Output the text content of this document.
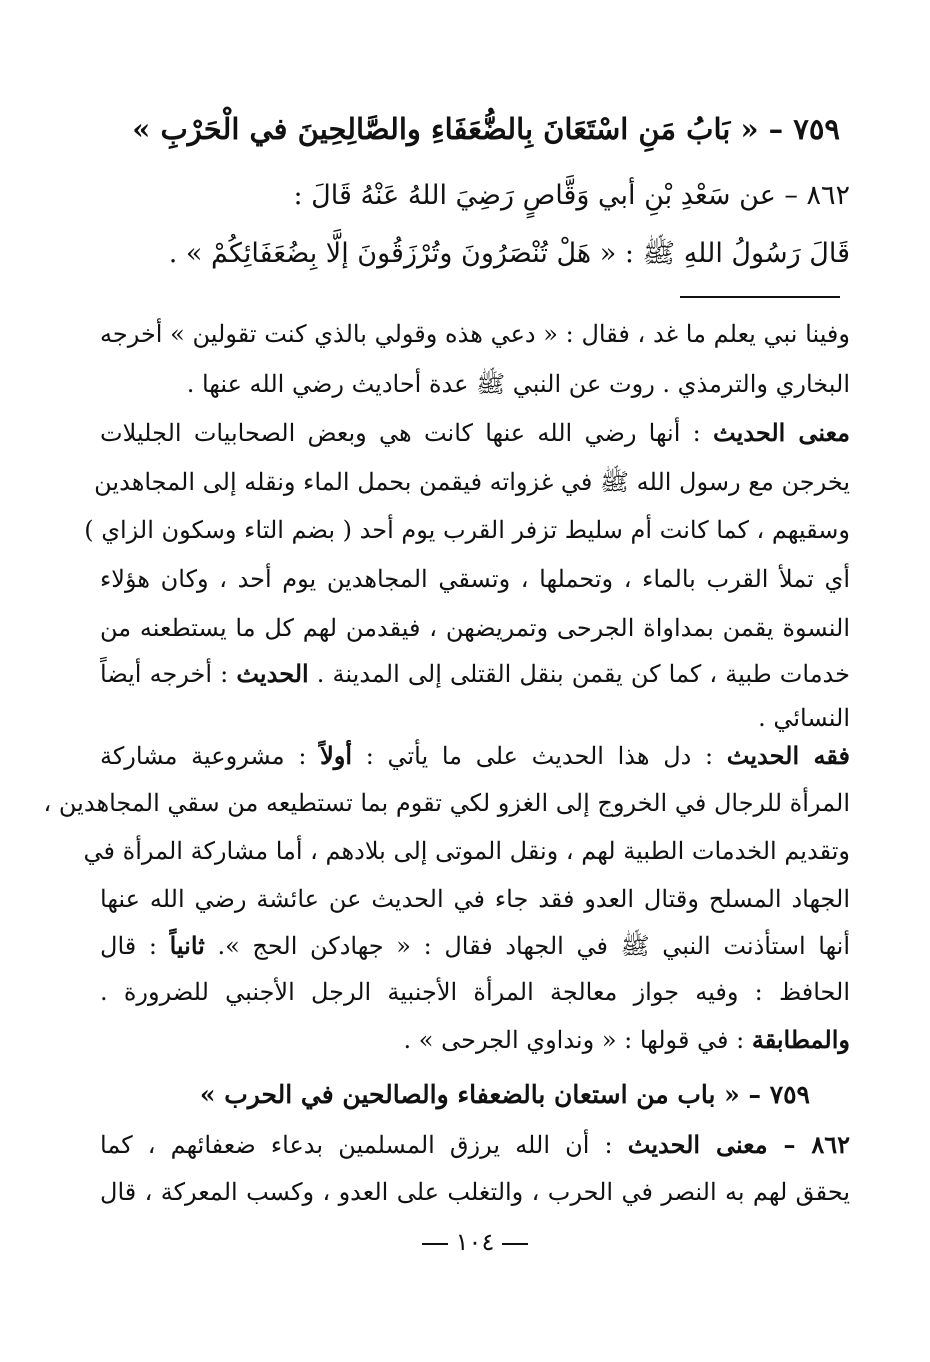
٧٥٩ – « بَابُ مَنِ اسْتَعَانَ بِالضُّعَفَاءِ والصَّالِحِينَ في الْحَرْبِ »
٨٦٢ – عن سَعْدِ بْنِ أبي وَقَّاصٍ رَضِيَ اللهُ عَنْهُ قَالَ :
قَالَ رَسُولُ اللهِ ﷺ : « هَلْ تُنْصَرُونَ وتُرْزَقُونَ إلَّا بِضُعَفَائِكُمْ » .
وفينا نبي يعلم ما غد ، فقال : « دعي هذه وقولي بالذي كنت تقولين » أخرجه
البخاري والترمذي . روت عن النبي ﷺ عدة أحاديث رضي الله عنها .
معنى الحديث : أنها رضي الله عنها كانت هي وبعض الصحابيات الجليلات
يخرجن مع رسول الله ﷺ في غزواته فيقمن بحمل الماء ونقله إلى المجاهدين
وسقيهم ، كما كانت أم سليط تزفر القرب يوم أحد ( بضم التاء وسكون الزاي )
أي تملأ القرب بالماء ، وتحملها ، وتسقي المجاهدين يوم أحد ، وكان هؤلاء
النسوة يقمن بمداواة الجرحى وتمريضهن ، فيقدمن لهم كل ما يستطعنه من
خدمات طبية ، كما كن يقمن بنقل القتلى إلى المدينة . الحديث : أخرجه أيضاً
النسائي .
فقه الحديث : دل هذا الحديث على ما يأتي : أولاً : مشروعية مشاركة
المرأة للرجال في الخروج إلى الغزو لكي تقوم بما تستطيعه من سقي المجاهدين ،
وتقديم الخدمات الطبية لهم ، ونقل الموتى إلى بلادهم ، أما مشاركة المرأة في
الجهاد المسلح وقتال العدو فقد جاء في الحديث عن عائشة رضي الله عنها
أنها استأذنت النبي ﷺ في الجهاد فقال : « جهادكن الحج ». ثانياً : قال
الحافظ : وفيه جواز معالجة المرأة الأجنبية الرجل الأجنبي للضرورة .
والمطابقة : في قولها : « ونداوي الجرحى » .
٧٥٩ – « باب من استعان بالضعفاء والصالحين في الحرب »
٨٦٢ – معنى الحديث : أن الله يرزق المسلمين بدعاء ضعفائهم ، كما
يحقق لهم به النصر في الحرب ، والتغلب على العدو ، وكسب المعركة ، قال
١٠٤
